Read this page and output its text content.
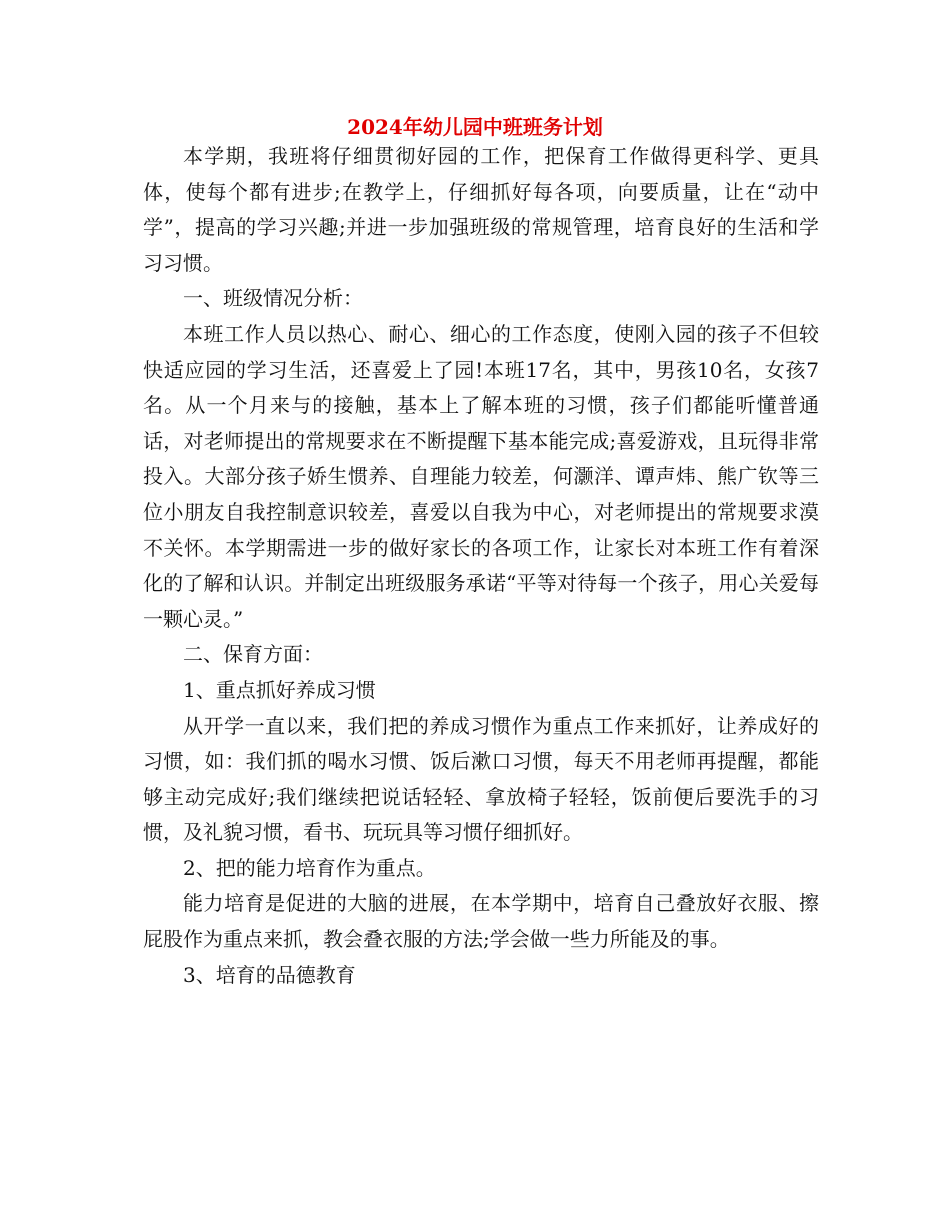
2024年幼儿园中班班务计划

本学期，我班将仔细贯彻好园的工作，把保育工作做得更科学、更具体，使每个都有进步;在教学上，仔细抓好每各项，向要质量，让在“动中学”，提高的学习兴趣;并进一步加强班级的常规管理，培育良好的生活和学习习惯。

一、班级情况分析：

本班工作人员以热心、耐心、细心的工作态度，使刚入园的孩子不但较快适应园的学习生活，还喜爱上了园!本班17名，其中，男孩10名，女孩7名。从一个月来与的接触，基本上了解本班的习惯，孩子们都能听懂普通话，对老师提出的常规要求在不断提醒下基本能完成;喜爱游戏，且玩得非常投入。大部分孩子娇生惯养、自理能力较差，何灏洋、谭声炜、熊广钦等三位小朋友自我控制意识较差，喜爱以自我为中心，对老师提出的常规要求漠不关怀。本学期需进一步的做好家长的各项工作，让家长对本班工作有着深化的了解和认识。并制定出班级服务承诺“平等对待每一个孩子，用心关爱每一颗心灵。”

二、保育方面：

1、重点抓好养成习惯

从开学一直以来，我们把的养成习惯作为重点工作来抓好，让养成好的习惯，如：我们抓的喝水习惯、饭后漱口习惯，每天不用老师再提醒，都能够主动完成好;我们继续把说话轻轻、拿放椅子轻轻，饭前便后要洗手的习惯，及礼貌习惯，看书、玩玩具等习惯仔细抓好。

2、把的能力培育作为重点。

能力培育是促进的大脑的进展，在本学期中，培育自己叠放好衣服、擦屁股作为重点来抓，教会叠衣服的方法;学会做一些力所能及的事。

3、培育的品德教育
